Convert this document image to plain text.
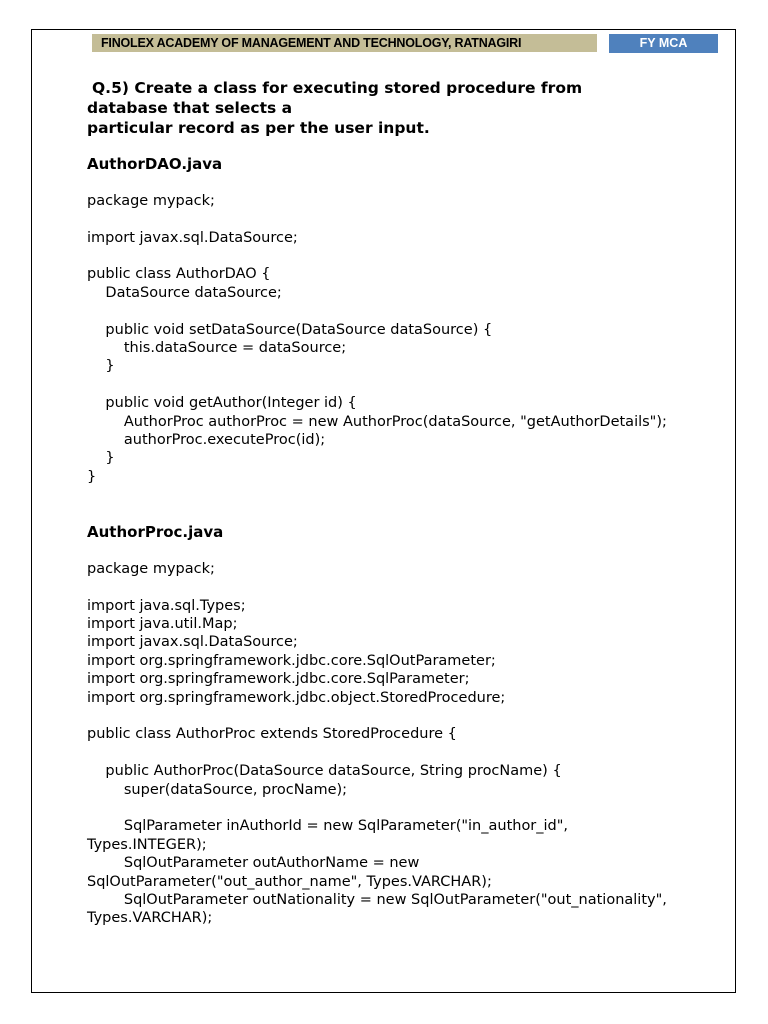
FINOLEX ACADEMY OF MANAGEMENT AND TECHNOLOGY, RATNAGIRI	FY MCA
Q.5) Create a class for executing stored procedure from
database that selects a
particular record as per the user input.
AuthorDAO.java
package mypack;
import javax.sql.DataSource;
public class AuthorDAO {
DataSource dataSource;
public void setDataSource(DataSource dataSource) {
this.dataSource = dataSource;
}
public void getAuthor(Integer id) {
AuthorProc authorProc = new AuthorProc(dataSource, "getAuthorDetails");
authorProc.executeProc(id);
}
}
AuthorProc.java
package mypack;
import java.sql.Types;
import java.util.Map;
import javax.sql.DataSource;
import org.springframework.jdbc.core.SqlOutParameter;
import org.springframework.jdbc.core.SqlParameter;
import org.springframework.jdbc.object.StoredProcedure;
public class AuthorProc extends StoredProcedure {
public AuthorProc(DataSource dataSource, String procName) {
super(dataSource, procName);
SqlParameter inAuthorId = new SqlParameter("in_author_id",
Types.INTEGER);
SqlOutParameter outAuthorName = new
SqlOutParameter("out_author_name", Types.VARCHAR);
SqlOutParameter outNationality = new SqlOutParameter("out_nationality",
Types.VARCHAR);
